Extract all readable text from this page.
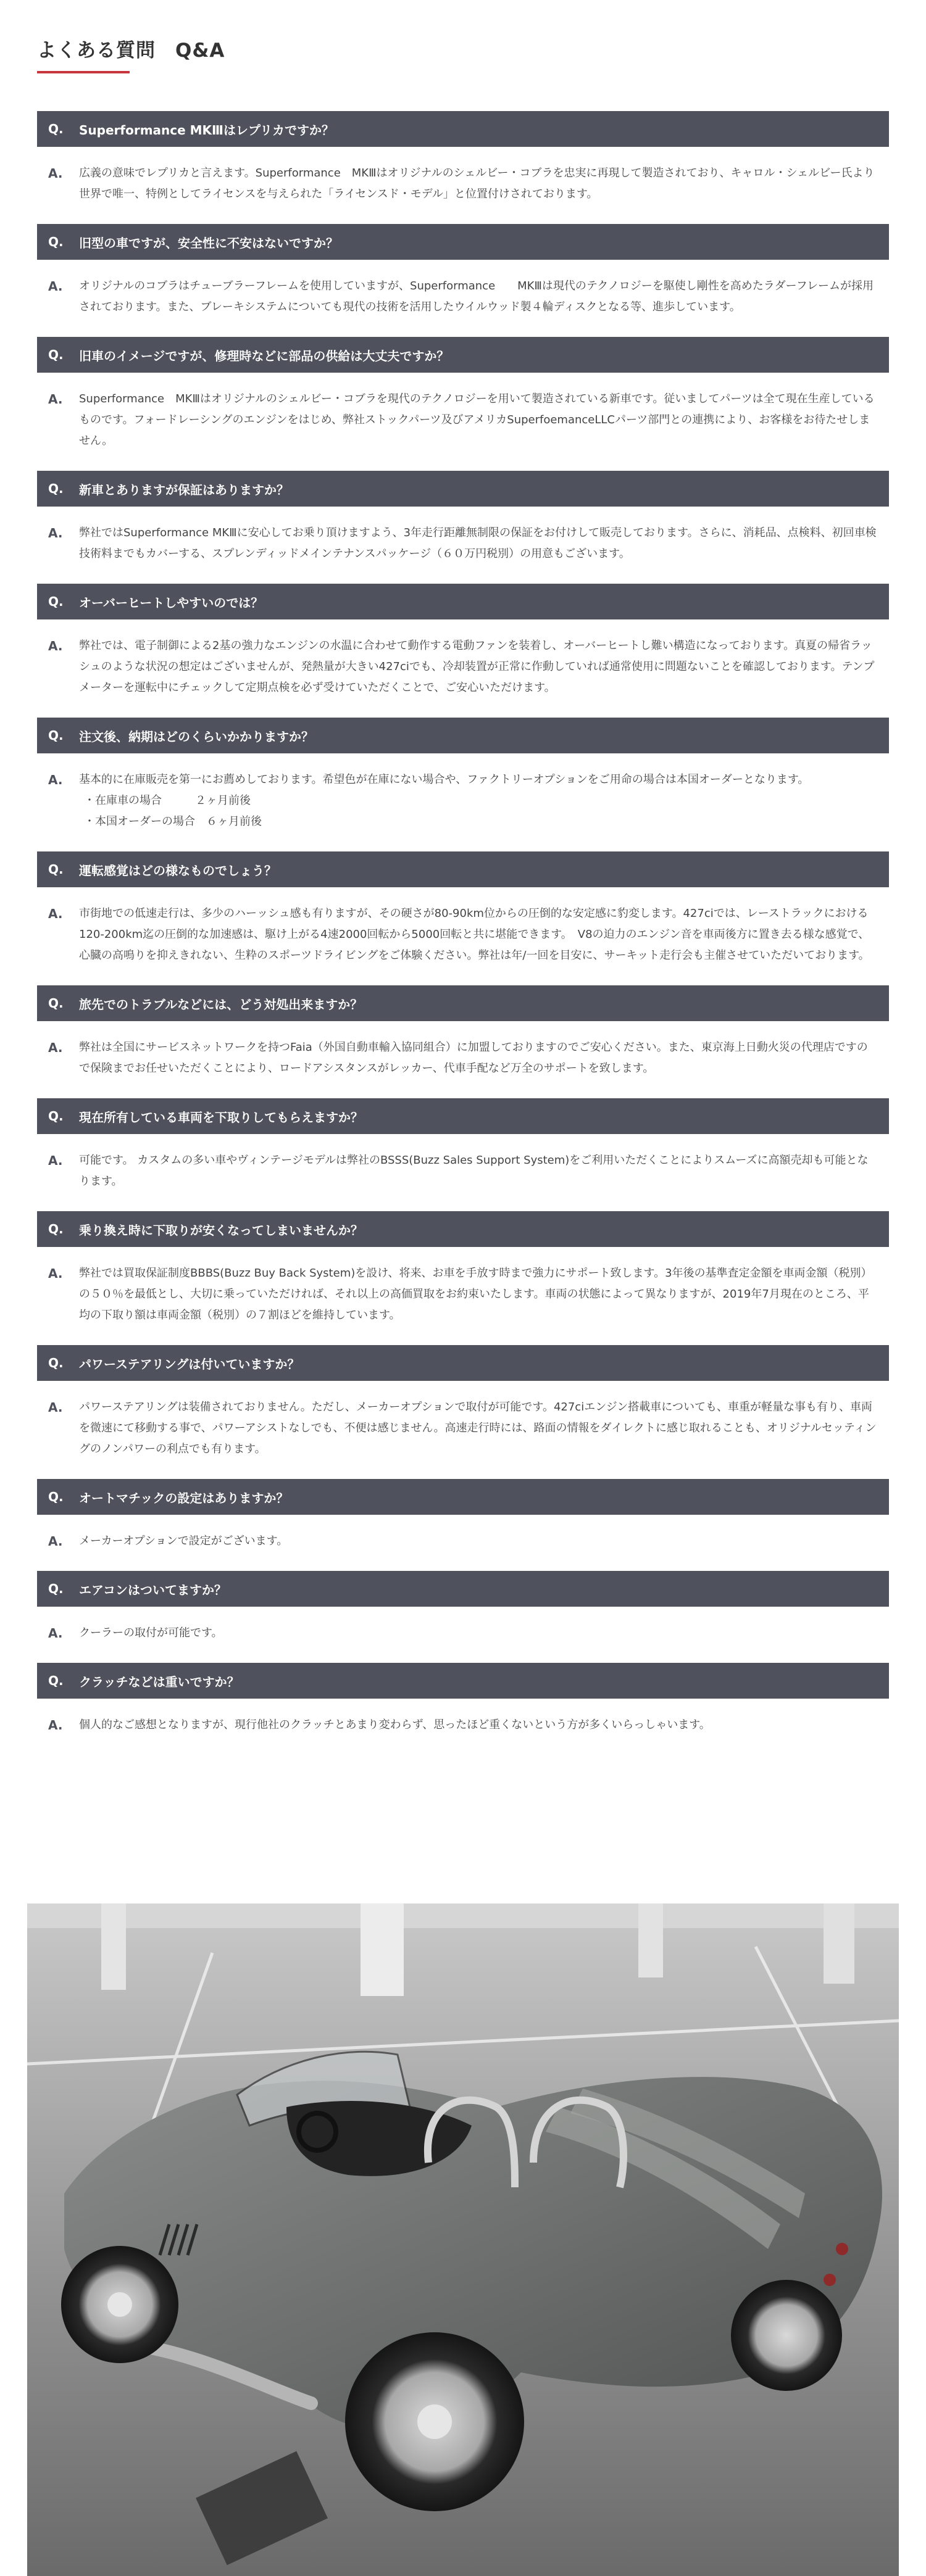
よくある質問　Q&A
Q.	Superformance MKⅢはレプリカですか？
A.	広義の意味でレプリカと言えます。Superformance　MKⅢはオリジナルのシェルビー・コブラを忠実に再現して製造されており、キャロル・シェルビー氏より世界で唯一、特例としてライセンスを与えられた「ライセンスド・モデル」と位置付けされております。

Q.	旧型の車ですが、安全性に不安はないですか？
A.	オリジナルのコブラはチューブラーフレームを使用していますが、Superformance　　MKⅢは現代のテクノロジーを駆使し剛性を高めたラダーフレームが採用されております。また、ブレーキシステムについても現代の技術を活用したウイルウッド製４輪ディスクとなる等、進歩しています。

Q.	旧車のイメージですが、修理時などに部品の供給は大丈夫ですか？
A.	Superformance　MKⅢはオリジナルのシェルビー・コブラを現代のテクノロジーを用いて製造されている新車です。従いましてパーツは全て現在生産しているものです。フォードレーシングのエンジンをはじめ、弊社ストックパーツ及びアメリカSuperfoemanceLLCパーツ部門との連携により、お客様をお待たせしません。

Q.	新車とありますが保証はありますか？
A.	弊社ではSuperformance MKⅢに安心してお乗り頂けますよう、3年走行距離無制限の保証をお付けして販売しております。さらに、消耗品、点検料、初回車検技術料までもカバーする、スプレンディッドメインテナンスパッケージ（６０万円税別）の用意もございます。

Q.	オーバーヒートしやすいのでは？
A.	弊社では、電子制御による2基の強力なエンジンの水温に合わせて動作する電動ファンを装着し、オーバーヒートし難い構造になっております。真夏の帰省ラッシュのような状況の想定はございませんが、発熱量が大きい427ciでも、冷却装置が正常に作動していれば通常使用に問題ないことを確認しております。テンプメーターを運転中にチェックして定期点検を必ず受けていただくことで、ご安心いただけます。

Q.	注文後、納期はどのくらいかかりますか？
A.	基本的に在庫販売を第一にお薦めしております。希望色が在庫にない場合や、ファクトリーオプションをご用命の場合は本国オーダーとなります。

・在庫車の場合　　　２ヶ月前後

・本国オーダーの場合　６ヶ月前後

Q.	運転感覚はどの様なものでしょう？
A.	市街地での低速走行は、多少のハーッシュ感も有りますが、その硬さが80-90km位からの圧倒的な安定感に豹変します。427ciでは、レーストラックにおける120-200km迄の圧倒的な加速感は、駆け上がる4速2000回転から5000回転と共に堪能できます。　V8の迫力のエンジン音を車両後方に置き去る様な感覚で、心臓の高鳴りを抑えきれない、生粋のスポーツドライビングをご体験ください。弊社は年/一回を目安に、サーキット走行会も主催させていただいております。

Q.	旅先でのトラブルなどには、どう対処出来ますか？
A.	弊社は全国にサービスネットワークを持つFaia（外国自動車輸入協同組合）に加盟しておりますのでご安心ください。また、東京海上日動火災の代理店ですので保険までお任せいただくことにより、ロードアシスタンスがレッカー、代車手配など万全のサポートを致します。

Q.	現在所有している車両を下取りしてもらえますか？
A.	可能です。 カスタムの多い車やヴィンテージモデルは弊社のBSSS(Buzz Sales Support System)をご利用いただくことによりスムーズに高額売却も可能となります。

Q.	乗り換え時に下取りが安くなってしまいませんか？
A.	弊社では買取保証制度BBBS(Buzz Buy Back System)を設け、将来、お車を手放す時まで強力にサポート致します。3年後の基準査定金額を車両金額（税別）の５０％を最低とし、大切に乗っていただければ、それ以上の高価買取をお約束いたします。車両の状態によって異なりますが、2019年7月現在のところ、平均の下取り額は車両金額（税別）の７割ほどを維持しています。

Q.	パワーステアリングは付いていますか？
A.	パワーステアリングは装備されておりません。ただし、メーカーオプションで取付が可能です。427ciエンジン搭載車についても、車重が軽量な事も有り、車両を微速にて移動する事で、パワーアシストなしでも、不便は感じません。高速走行時には、路面の情報をダイレクトに感じ取れることも、オリジナルセッティングのノンパワーの利点でも有ります。

Q.	オートマチックの設定はありますか？
A.	メーカーオプションで設定がございます。

Q.	エアコンはついてますか？
A.	クーラーの取付が可能です。

Q.	クラッチなどは重いですか？
A.	個人的なご感想となりますが、現行他社のクラッチとあまり変わらず、思ったほど重くないという方が多くいらっしゃいます。
